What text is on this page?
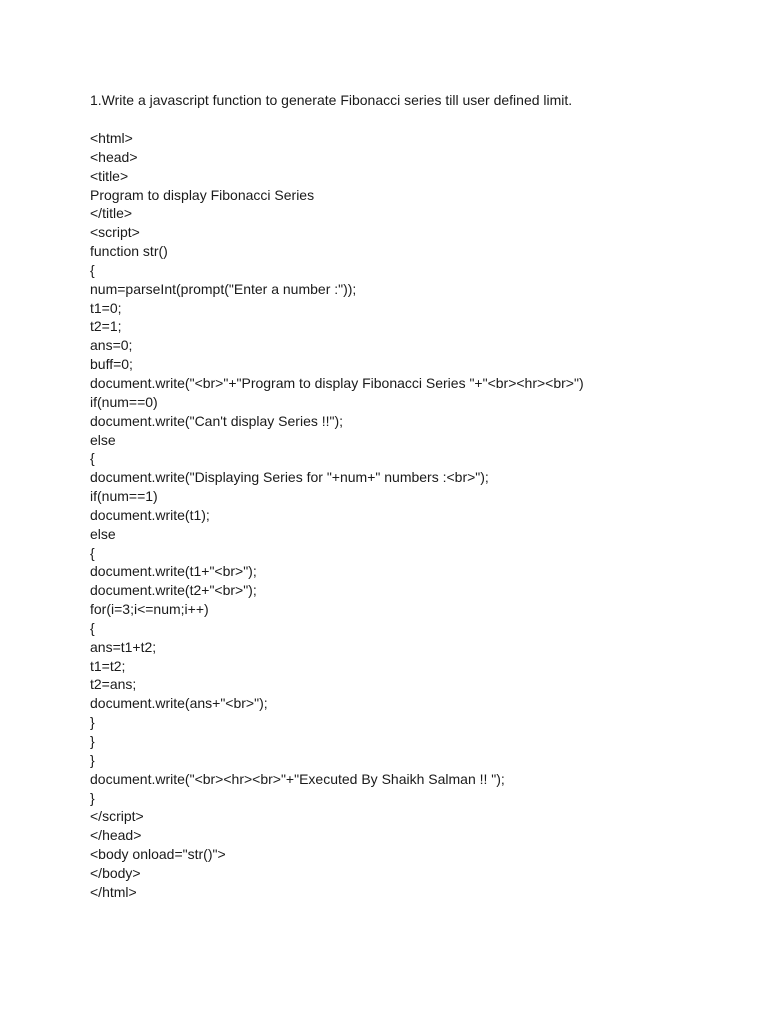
1.Write a javascript function to generate Fibonacci series till user defined limit.
<html>
<head>
<title>
Program to display Fibonacci Series
</title>
<script>
function str()
{
num=parseInt(prompt("Enter a number :"));
t1=0;
t2=1;
ans=0;
buff=0;
document.write("<br>"+"Program to display Fibonacci Series "+"<br><hr><br>")
if(num==0)
document.write("Can't display Series !!");
else
{
document.write("Displaying Series for "+num+" numbers :<br>");
if(num==1)
document.write(t1);
else
{
document.write(t1+"<br>");
document.write(t2+"<br>");
for(i=3;i<=num;i++)
{
ans=t1+t2;
t1=t2;
t2=ans;
document.write(ans+"<br>");
}
}
}
document.write("<br><hr><br>"+"Executed By Shaikh Salman !! ");
}
</script>
</head>
<body onload="str()">
</body>
</html>
